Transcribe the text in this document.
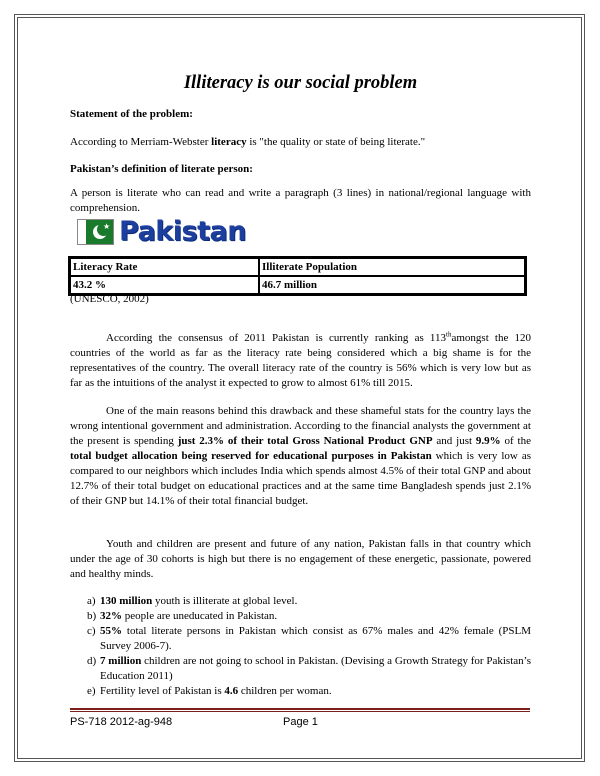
Illiteracy is our social problem

Statement of the problem:

According to Merriam-Webster literacy is "the quality or state of being literate."

Pakistan’s definition of literate person:

A person is literate who can read and write a paragraph (3 lines) in national/regional language with comprehension.

★ Pakistan
Literacy Rate	Illiterate Population
43.2 %	46.7 million

(UNESCO, 2002)

According the consensus of 2011 Pakistan is currently ranking as 113thamongst the 120 countries of the world as far as the literacy rate being considered which a big shame is for the representatives of the country. The overall literacy rate of the country is 56% which is very low but as far as the intuitions of the analyst it expected to grow to almost 61% till 2015.

One of the main reasons behind this drawback and these shameful stats for the country lays the wrong intentional government and administration. According to the financial analysts the government at the present is spending just 2.3% of their total Gross National Product GNP and just 9.9% of the total budget allocation being reserved for educational purposes in Pakistan which is very low as compared to our neighbors which includes India which spends almost 4.5% of their total GNP and about 12.7% of their total budget on educational practices and at the same time Bangladesh spends just 2.1% of their GNP but 14.1% of their total financial budget.

Youth and children are present and future of any nation, Pakistan falls in that country which under the age of 30 cohorts is high but there is no engagement of these energetic, passionate, powered and healthy minds.

a) 130 million youth is illiterate at global level.
b) 32% people are uneducated in Pakistan.
c) 55% total literate persons in Pakistan which consist as 67% males and 42% female (PSLM Survey 2006-7).
d) 7 million children are not going to school in Pakistan. (Devising a Growth Strategy for Pakistan’s Education 2011)
e) Fertility level of Pakistan is 4.6 children per woman.
PS-718 2012-ag-948	Page 1
